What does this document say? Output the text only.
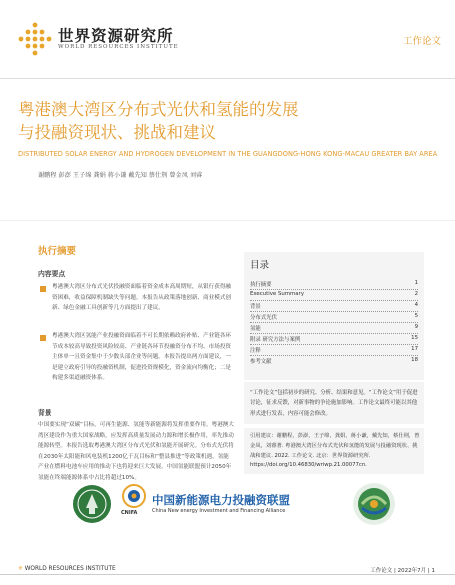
世界资源研究所
WORLD RESOURCES INSTITUTE	工作论文
粤港澳大湾区分布式光伏和氢能的发展
与投融资现状、挑战和建议
DISTRIBUTED SOLAR ENERGY AND HYDROGEN DEVELOPMENT IN THE GUANGDONG-HONG KONG-MACAU GREATER BAY AREA
谢鹏程 彭澎 王子绵 龚娟 蒋小谦 戴先知 蔡仕荆 曾金凤 刘睿
执行摘要
内容要点
粤港澳大湾区分布式光伏投融资面临着资金成本高周期短，从银行获得融资困难，收益保障机制缺失等问题。本报告从政策落地创新、商业模式创新、绿色金融工具创新等几方面提出了建议。
粤港澳大湾区氢能产业投融资面临着不可长期依赖政府补贴、产业链各环节成本较高导致投资风险较高、产业链各环节投融资分布不均、市场投资主体单一且资金集中于少数头部企业等问题。本报告提出两方面建议，一是建立政府引导的投融资机制，促进投资规模化，资金流向均衡化；二是构建多渠道融资体系。
背景
中国要实现“双碳”目标，可再生能源、氢能等新能源将发挥重要作用。粤港澳大湾区建设作为重大国家战略，应发挥高质量发展动力源和增长极作用，率先推动能源转型。本报告选取粤港澳大湾区分布式光伏和氢能开展研究。分布式光伏将在2030年太阳能和风电装机1200亿千瓦目标和“整县推进”等政策机遇，氢能产业在燃料电池车应用的推动下也将迎来巨大发展。中国氢能联盟预计2050年氢能在终端能源体系中占比将超过10%。
目录
执行摘要	1
Executive Summary	2
背景	4
分布式光伏	5
氢能	9
附录 研究方法与案例	15
注释	17
参考文献	18
“工作论文”包括初步的研究、分析、结果和意见。“工作论文”用于促进讨论，征求反馈，对新事物的争论施加影响。工作论文最终可能以其他形式进行发表，内容可能会修改。
引用建议：谢鹏程，彭澎，王子绵，龚娟，蒋小谦，戴先知，蔡仕荆，曾金凤，刘睿著. 粤港澳大湾区分布式光伏和氢能的发展与投融资现状、挑战和建议. 2022. 工作论文. 北京：世界资源研究所. https://doi.org/10.46830/wriwp.21.00077cn.
CNIFA
中国新能源电力投融资联盟
China New energy Investment and Financing Alliance
✳ WORLD RESOURCES INSTITUTE	工作论文 | 2022年7月 | 1
